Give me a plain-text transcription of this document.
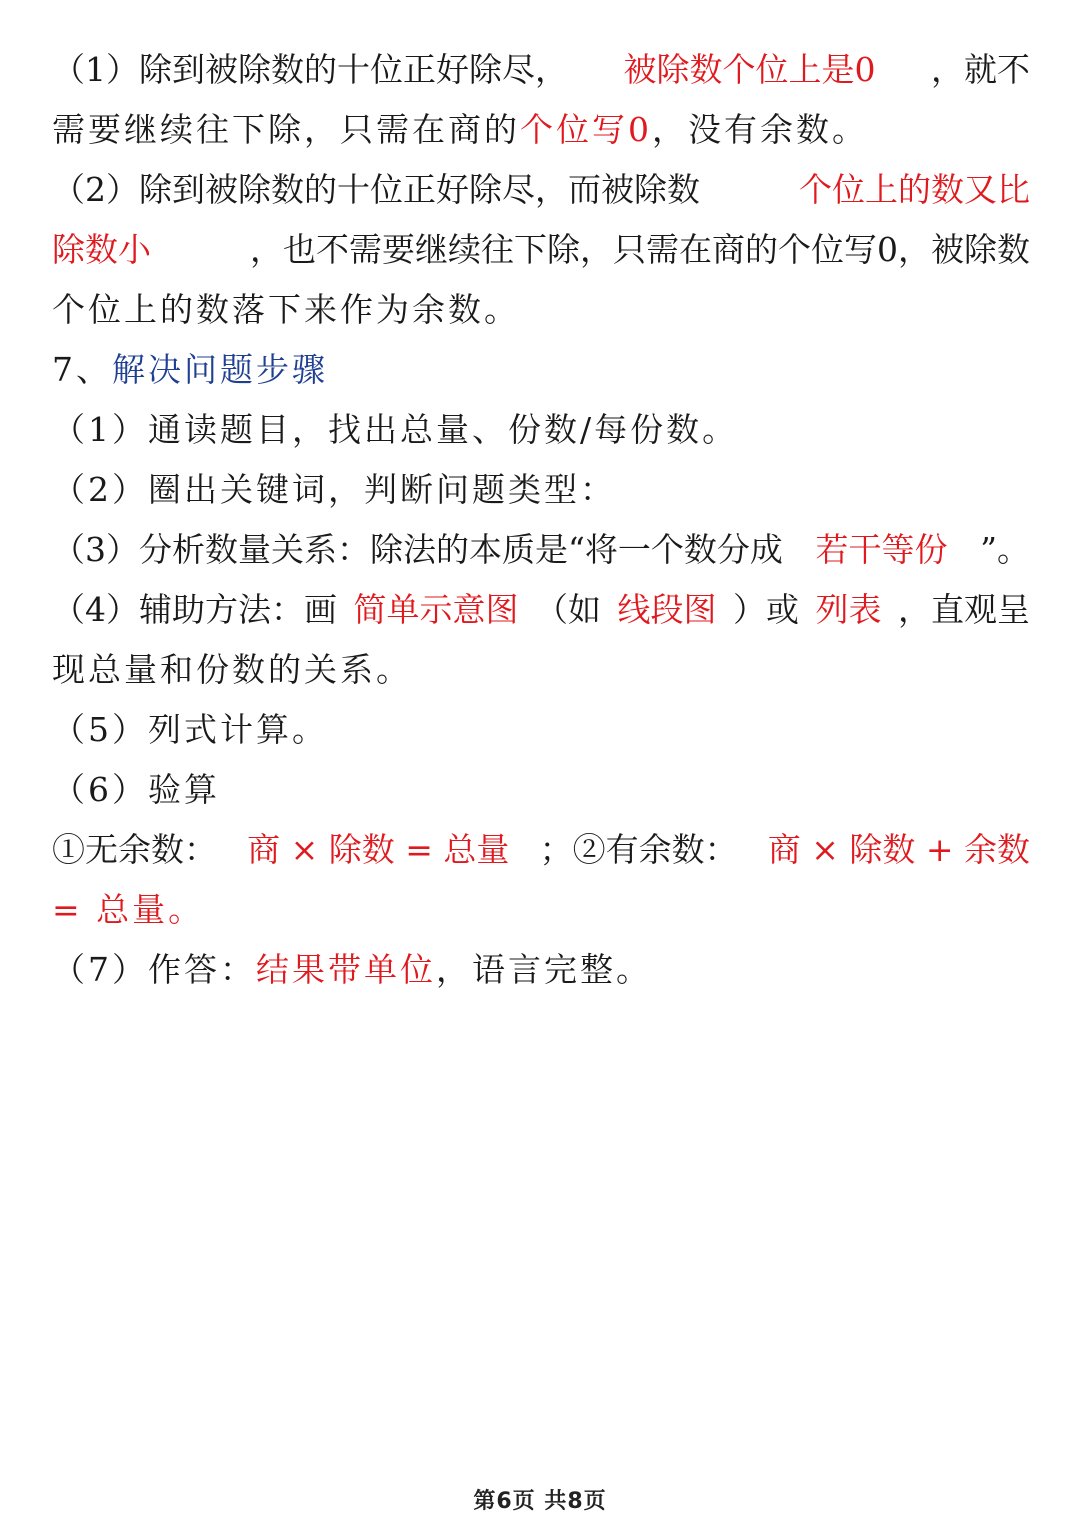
（1）除到被除数的十位正好除尽， 被除数个位上是0 ，就不
需要继续往下除，只需在商的个位写0，没有余数。
（2）除到被除数的十位正好除尽，而被除数	个位上的数又比
除数小	，也不需要继续往下除，只需在商的个位写0，被除数
个位上的数落下来作为余数。
7、解决问题步骤
（1）通读题目，找出总量、份数/每份数。
（2）圈出关键词，判断问题类型：
（3）分析数量关系：除法的本质是“将一个数分成 若干等份 ”。
（4）辅助方法：画 简单示意图 （如 线段图 ）或 列表 ，直观呈
现总量和份数的关系。
（5）列式计算。
（6）验算
①无余数： 商 × 除数 = 总量 ；②有余数： 商 × 除数 + 余数
= 总量。
（7）作答：结果带单位，语言完整。
第6页 共8页
